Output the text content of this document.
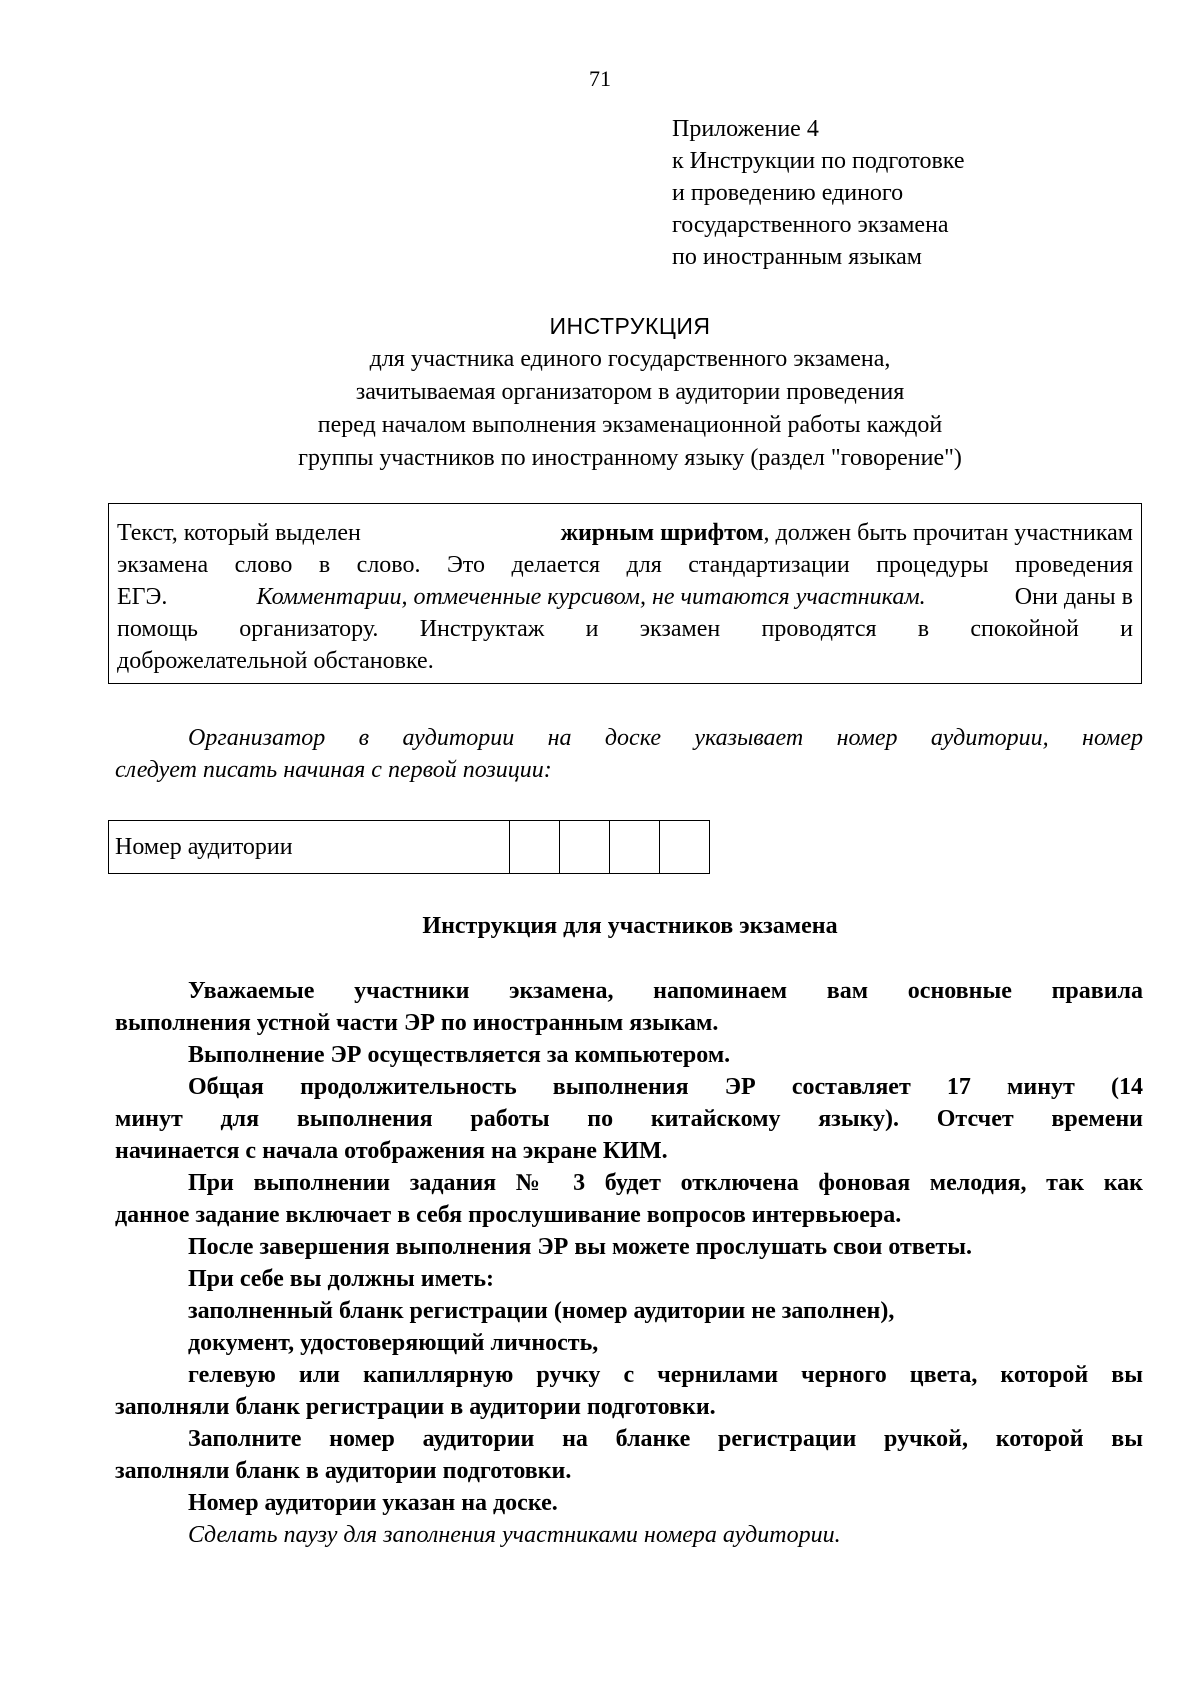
71
Приложение 4
к Инструкции по подготовке
и проведению единого
государственного экзамена
по иностранным языкам
ИНСТРУКЦИЯ
для участника единого государственного экзамена,
зачитываемая организатором в аудитории проведения
перед началом выполнения экзаменационной работы каждой
группы участников по иностранному языку (раздел "говорение")
Текст, который выделен	жирным шрифтом, должен быть прочитан участникам
экзамена слово в слово. Это делается для стандартизации процедуры проведения
ЕГЭ.	Комментарии, отмеченные курсивом, не читаются участникам.	Они даны в
помощь организатору. Инструктаж и экзамен проводятся в спокойной и
доброжелательной обстановке.
Организатор в аудитории на доске указывает номер аудитории, номер
следует писать начиная с первой позиции:
Номер аудитории				
Инструкция для участников экзамена
Уважаемые участники экзамена, напоминаем вам основные правила
выполнения устной части ЭР по иностранным языкам.
Выполнение ЭР осуществляется за компьютером.
Общая продолжительность выполнения ЭР составляет 17 минут (14
минут для выполнения работы по китайскому языку). Отсчет времени
начинается с начала отображения на экране КИМ.
При выполнении задания № 3 будет отключена фоновая мелодия, так как
данное задание включает в себя прослушивание вопросов интервьюера.
После завершения выполнения ЭР вы можете прослушать свои ответы.
При себе вы должны иметь:
заполненный бланк регистрации (номер аудитории не заполнен),
документ, удостоверяющий личность,
гелевую или капиллярную ручку с чернилами черного цвета, которой вы
заполняли бланк регистрации в аудитории подготовки.
Заполните номер аудитории на бланке регистрации ручкой, которой вы
заполняли бланк в аудитории подготовки.
Номер аудитории указан на доске.
Сделать паузу для заполнения участниками номера аудитории.
